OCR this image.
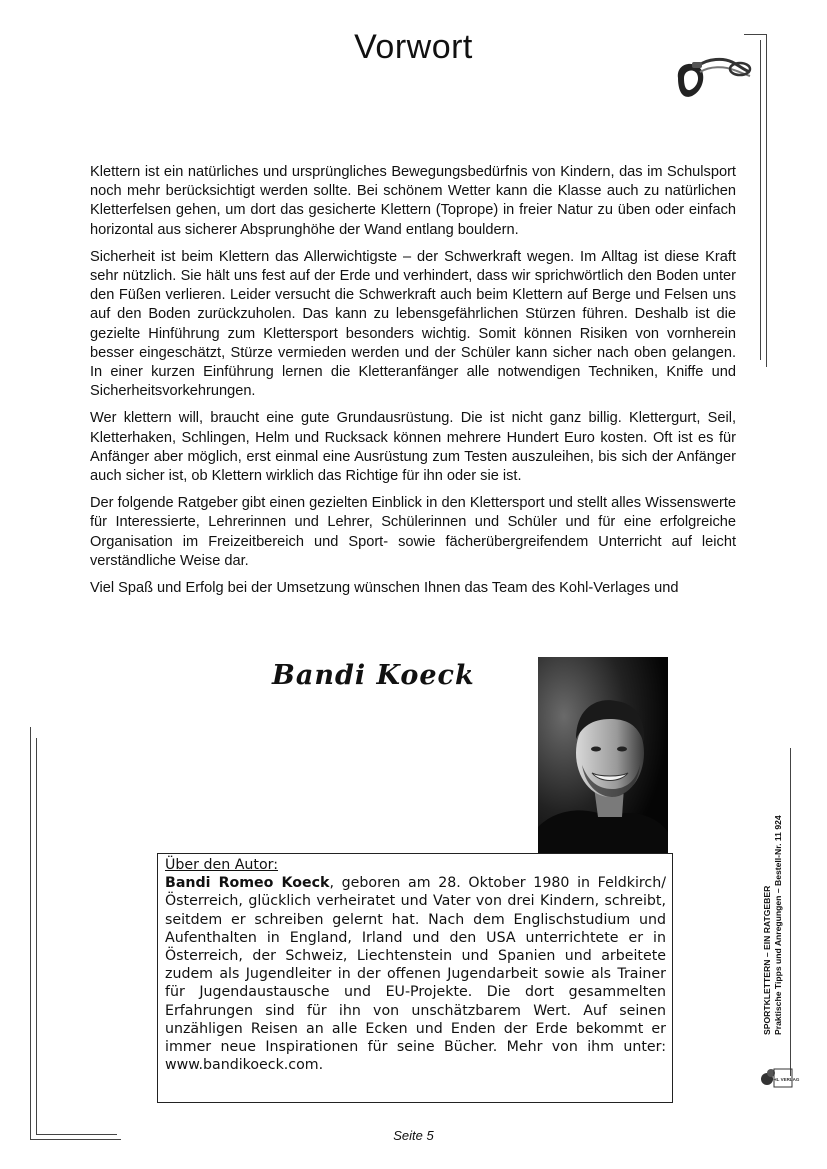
Vorwort

Klettern ist ein natürliches und ursprüngliches Bewegungsbedürfnis von Kindern, das im Schulsport noch mehr berücksichtigt werden sollte. Bei schönem Wetter kann die Klasse auch zu natürlichen Kletterfelsen gehen, um dort das gesicherte Klettern (Toprope) in freier Natur zu üben oder einfach horizontal aus sicherer Absprunghöhe der Wand entlang bouldern.

Sicherheit ist beim Klettern das Allerwichtigste – der Schwerkraft wegen. Im Alltag ist diese Kraft sehr nützlich. Sie hält uns fest auf der Erde und verhindert, dass wir sprichwörtlich den Boden unter den Füßen verlieren. Leider versucht die Schwerkraft auch beim Klettern auf Berge und Felsen uns auf den Boden zurückzuholen. Das kann zu lebensgefährlichen Stürzen führen. Deshalb ist die gezielte Hinführung zum Klettersport besonders wichtig. Somit können Risiken von vornherein besser eingeschätzt, Stürze vermieden werden und der Schüler kann sicher nach oben gelangen. In einer kurzen Einführung lernen die Kletteranfänger alle notwendigen Techniken, Kniffe und Sicherheitsvorkehrungen.

Wer klettern will, braucht eine gute Grundausrüstung. Die ist nicht ganz billig. Klettergurt, Seil, Kletterhaken, Schlingen, Helm und Rucksack können mehrere Hundert Euro kosten. Oft ist es für Anfänger aber möglich, erst einmal eine Ausrüstung zum Testen auszuleihen, bis sich der Anfänger auch sicher ist, ob Klettern wirklich das Richtige für ihn oder sie ist.

Der folgende Ratgeber gibt einen gezielten Einblick in den Klettersport und stellt alles Wissenswerte für Interessierte, Lehrerinnen und Lehrer, Schülerinnen und Schüler und für eine erfolgreiche Organisation im Freizeitbereich und Sport- sowie fächerübergreifendem Unterricht auf leicht verständliche Weise dar.

Viel Spaß und Erfolg bei der Umsetzung wünschen Ihnen das Team des Kohl-Verlages und

Bandi Koeck
Über den Autor:
Bandi Romeo Koeck, geboren am 28. Oktober 1980 in Feldkirch/Österreich, glücklich verheiratet und Vater von drei Kindern, schreibt, seitdem er schreiben gelernt hat. Nach dem Englischstudium und Aufenthalten in England, Irland und den USA unterrichtete er in Österreich, der Schweiz, Liechtenstein und Spanien und arbeitete zudem als Jugendleiter in der offenen Jugendarbeit sowie als Trainer für Jugendaustausche und EU-Projekte. Die dort gesammelten Erfahrungen sind für ihn von unschätzbarem Wert. Auf seinen unzähligen Reisen an alle Ecken und Enden der Erde bekommt er immer neue Inspirationen für seine Bücher. Mehr von ihm unter: www.bandikoeck.com.
SPORTKLETTERN – EIN RATGEBER Praktische Tipps und Anregungen – Bestell-Nr. 11 924
KOHL VERLAG
Seite 5
